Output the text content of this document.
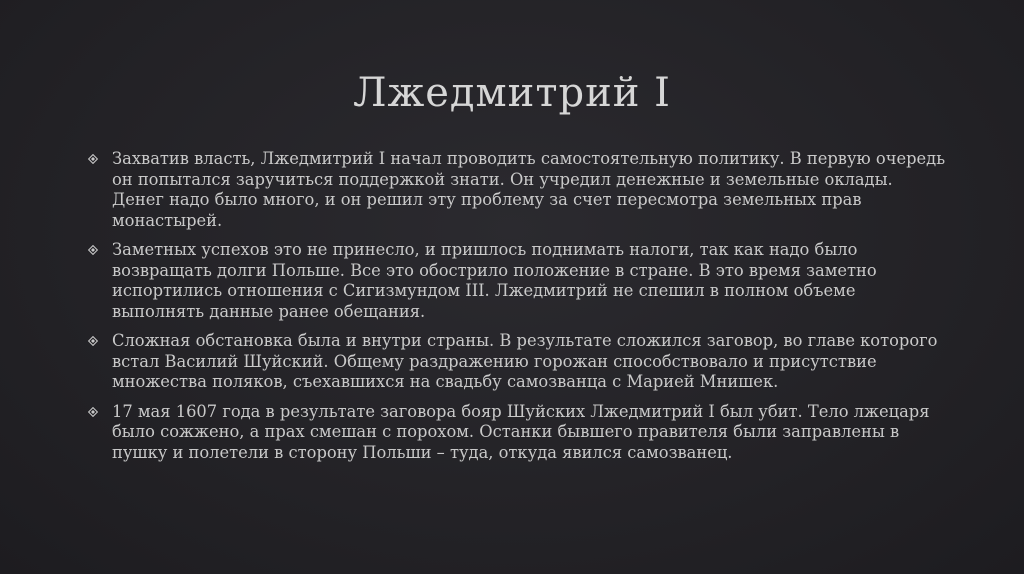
Лжедмитрий I
Захватив власть, Лжедмитрий I начал проводить самостоятельную политику. В первую очередь он попытался заручиться поддержкой знати. Он учредил денежные и земельные оклады. Денег надо было много, и он решил эту проблему за счет пересмотра земельных прав монастырей.
Заметных успехов это не принесло, и пришлось поднимать налоги, так как надо было возвращать долги Польше. Все это обострило положение в стране. В это время заметно испортились отношения с Сигизмундом III. Лжедмитрий не спешил в полном объеме выполнять данные ранее обещания.
Сложная обстановка была и внутри страны. В результате сложился заговор, во главе которого встал Василий Шуйский. Общему раздражению горожан способствовало и присутствие множества поляков, съехавшихся на свадьбу самозванца с Марией Мнишек.
17 мая 1607 года в результате заговора бояр Шуйских Лжедмитрий I был убит. Тело лжецаря было сожжено, а прах смешан с порохом. Останки бывшего правителя были заправлены в пушку и полетели в сторону Польши – туда, откуда явился самозванец.
